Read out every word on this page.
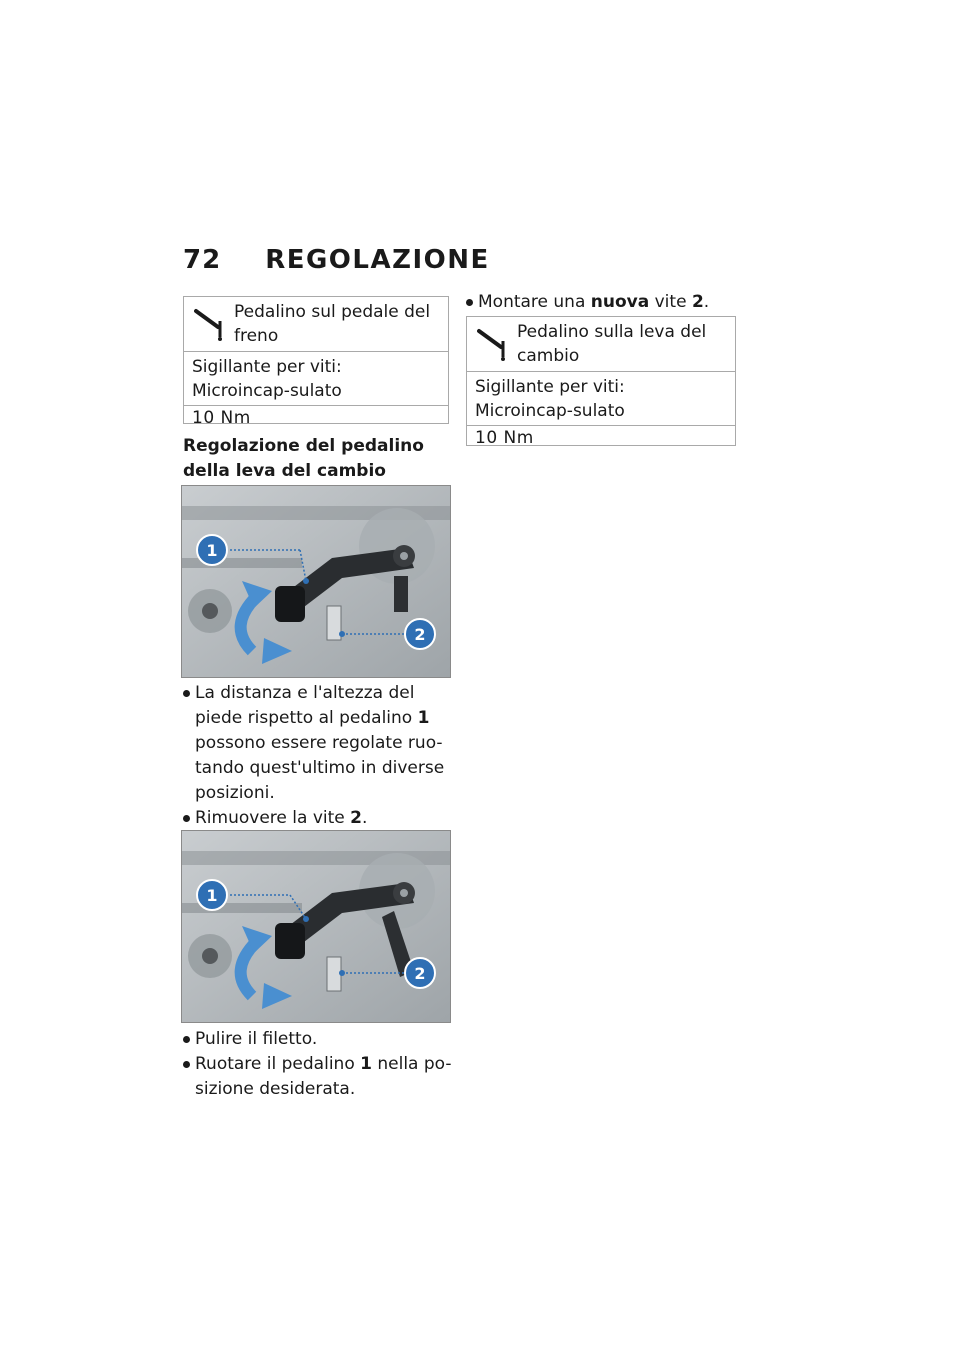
72 REGOLAZIONE
Pedalino sul pedale del freno
Sigillante per viti: Microincap-sulato
10 Nm
Regolazione del pedalino della leva del cambio
1
2
La distanza e l'altezza del piede rispetto al pedalino 1 possono essere regolate ruo-tando quest'ultimo in diverse posizioni.
Rimuovere la vite 2.
1
2
Pulire il filetto.
Ruotare il pedalino 1 nella po-sizione desiderata.
Montare una nuova vite 2.
Pedalino sulla leva del cambio
Sigillante per viti: Microincap-sulato
10 Nm
